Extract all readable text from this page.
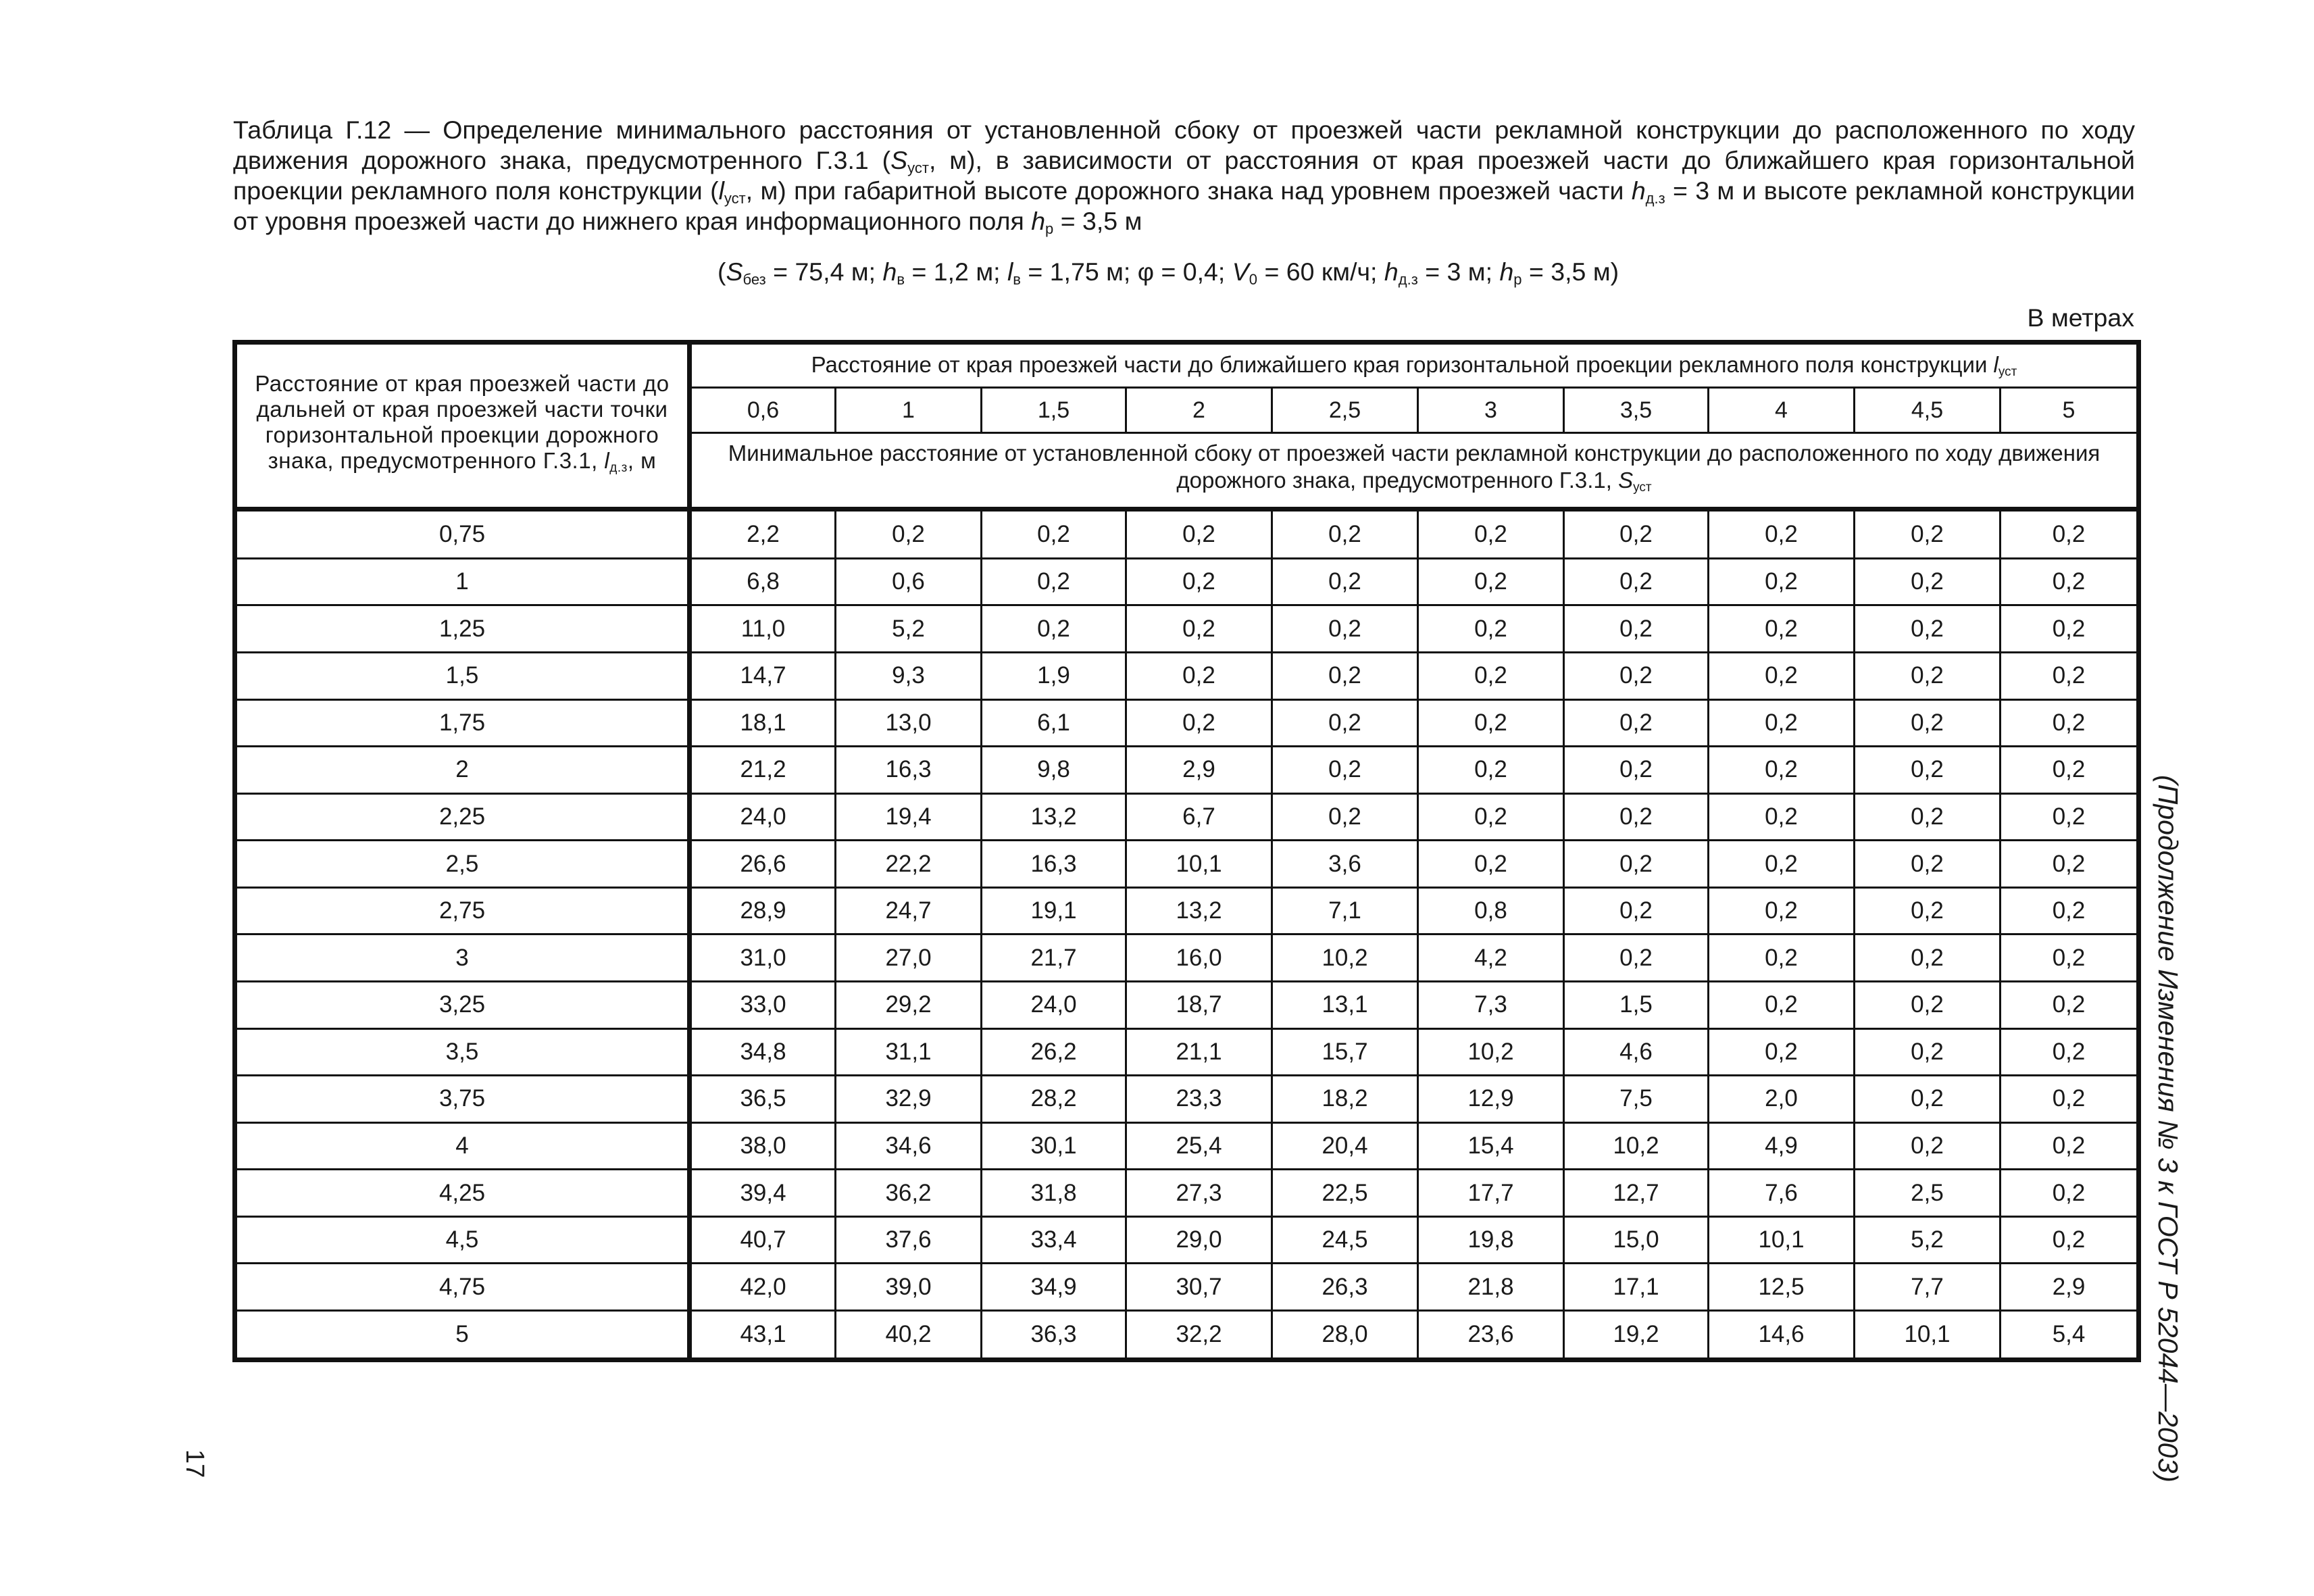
Таблица Г.12 — Определение минимального расстояния от установленной сбоку от проезжей части рекламной конструкции до расположенного по ходу движения дорожного знака, предусмотренного Г.3.1 ($S_{уст}$, м), в зависимости от расстояния от края проезжей части до ближайшего края горизонтальной проекции рекламного поля конструкции ($l_{уст}$, м) при габаритной высоте дорожного знака над уровнем проезжей части $h_{д.з} = 3$ м и высоте рекламной конструкции от уровня проезжей части до нижнего края информационного поля $h_р = 3,5$ м
($S_{без} = 75,4$ м; $h_в = 1,2$ м; $l_в = 1,75$ м; φ = 0,4; $V_0 = 60$ км/ч; $h_{д.з} = 3$ м; $h_р = 3,5$ м)
В метрах
Расстояние от края проезжей части до дальней от края проезжей части точки горизонтальной проекции дорожного знака, предусмотренного Г.3.1, lд.з, м	Расстояние от края проезжей части до ближайшего края горизонтальной проекции рекламного поля конструкции lуст									
	0,6	1	1,5	2	2,5	3	3,5	4	4,5	5
	Минимальное расстояние от установленной сбоку от проезжей части рекламной конструкции до расположенного по ходу движения дорожного знака, предусмотренного Г.3.1, Sуст									
0,75	2,2	0,2	0,2	0,2	0,2	0,2	0,2	0,2	0,2	0,2
1	6,8	0,6	0,2	0,2	0,2	0,2	0,2	0,2	0,2	0,2
1,25	11,0	5,2	0,2	0,2	0,2	0,2	0,2	0,2	0,2	0,2
1,5	14,7	9,3	1,9	0,2	0,2	0,2	0,2	0,2	0,2	0,2
1,75	18,1	13,0	6,1	0,2	0,2	0,2	0,2	0,2	0,2	0,2
2	21,2	16,3	9,8	2,9	0,2	0,2	0,2	0,2	0,2	0,2
2,25	24,0	19,4	13,2	6,7	0,2	0,2	0,2	0,2	0,2	0,2
2,5	26,6	22,2	16,3	10,1	3,6	0,2	0,2	0,2	0,2	0,2
2,75	28,9	24,7	19,1	13,2	7,1	0,8	0,2	0,2	0,2	0,2
3	31,0	27,0	21,7	16,0	10,2	4,2	0,2	0,2	0,2	0,2
3,25	33,0	29,2	24,0	18,7	13,1	7,3	1,5	0,2	0,2	0,2
3,5	34,8	31,1	26,2	21,1	15,7	10,2	4,6	0,2	0,2	0,2
3,75	36,5	32,9	28,2	23,3	18,2	12,9	7,5	2,0	0,2	0,2
4	38,0	34,6	30,1	25,4	20,4	15,4	10,2	4,9	0,2	0,2
4,25	39,4	36,2	31,8	27,3	22,5	17,7	12,7	7,6	2,5	0,2
4,5	40,7	37,6	33,4	29,0	24,5	19,8	15,0	10,1	5,2	0,2
4,75	42,0	39,0	34,9	30,7	26,3	21,8	17,1	12,5	7,7	2,9
5	43,1	40,2	36,3	32,2	28,0	23,6	19,2	14,6	10,1	5,4 (Продолжение Изменения № 3 к ГОСТ Р 52044—2003)
17
